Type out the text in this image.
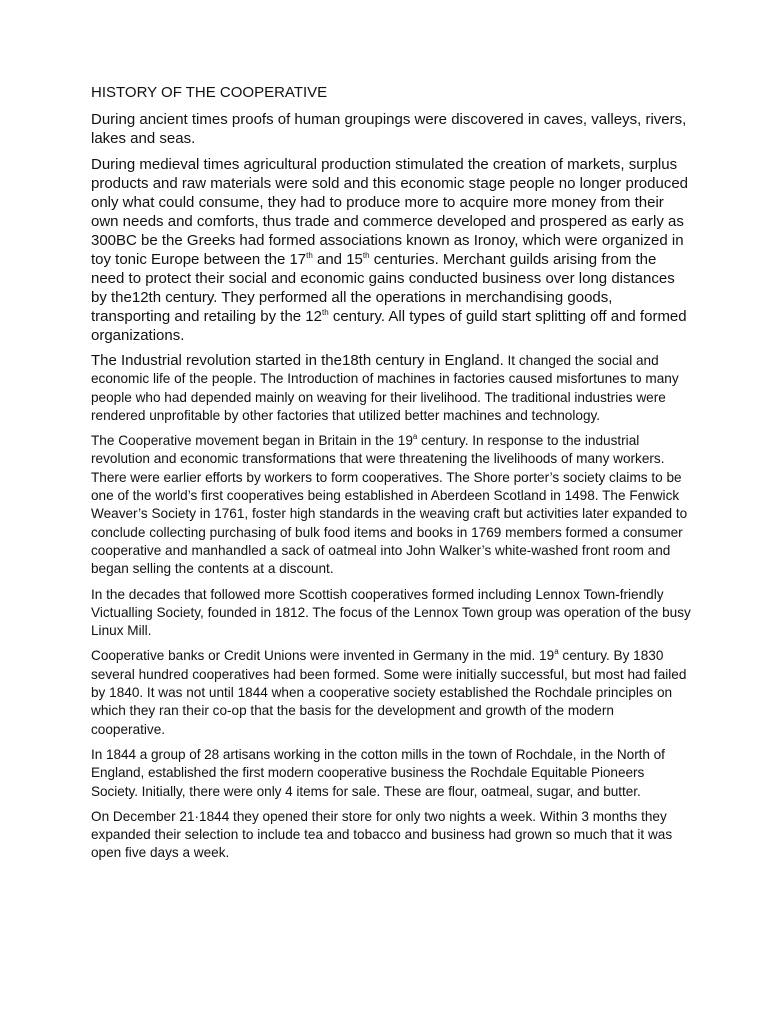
HISTORY OF THE COOPERATIVE

During ancient times proofs of human groupings were discovered in caves, valleys, rivers, lakes and seas.

During medieval times agricultural production stimulated the creation of markets, surplus products and raw materials were sold and this economic stage people no longer produced only what could consume, they had to produce more to acquire more money from their own needs and comforts, thus trade and commerce developed and prospered as early as 300BC be the Greeks had formed associations known as Ironoy, which were organized in toy tonic Europe between the 17th and 15th centuries. Merchant guilds arising from the need to protect their social and economic gains conducted business over long distances by the12th century. They performed all the operations in merchandising goods, transporting and retailing by the 12th century. All types of guild start splitting off and formed organizations.

The Industrial revolution started in the18th century in England. It changed the social and economic life of the people. The Introduction of machines in factories caused misfortunes to many people who had depended mainly on weaving for their livelihood. The traditional industries were rendered unprofitable by other factories that utilized better machines and technology.

The Cooperative movement began in Britain in the 19$^a$ century. In response to the industrial revolution and economic transformations that were threatening the livelihoods of many workers. There were earlier efforts by workers to form cooperatives. The Shore porter’s society claims to be one of the world’s first cooperatives being established in Aberdeen Scotland in 1498. The Fenwick Weaver’s Society in 1761, foster high standards in the weaving craft but activities later expanded to conclude collecting purchasing of bulk food items and books in 1769 members formed a consumer cooperative and manhandled a sack of oatmeal into John Walker’s white-washed front room and began selling the contents at a discount.

In the decades that followed more Scottish cooperatives formed including Lennox Town-friendly Victualling Society, founded in 1812. The focus of the Lennox Town group was operation of the busy Linux Mill.

Cooperative banks or Credit Unions were invented in Germany in the mid. 19$^a$ century. By 1830 several hundred cooperatives had been formed. Some were initially successful, but most had failed by 1840. It was not until 1844 when a cooperative society established the Rochdale principles on which they ran their co-op that the basis for the development and growth of the modern cooperative.

In 1844 a group of 28 artisans working in the cotton mills in the town of Rochdale, in the North of England, established the first modern cooperative business the Rochdale Equitable Pioneers Society. Initially, there were only 4 items for sale. These are flour, oatmeal, sugar, and butter.

On December 21·1844 they opened their store for only two nights a week. Within 3 months they expanded their selection to include tea and tobacco and business had grown so much that it was open five days a week.
